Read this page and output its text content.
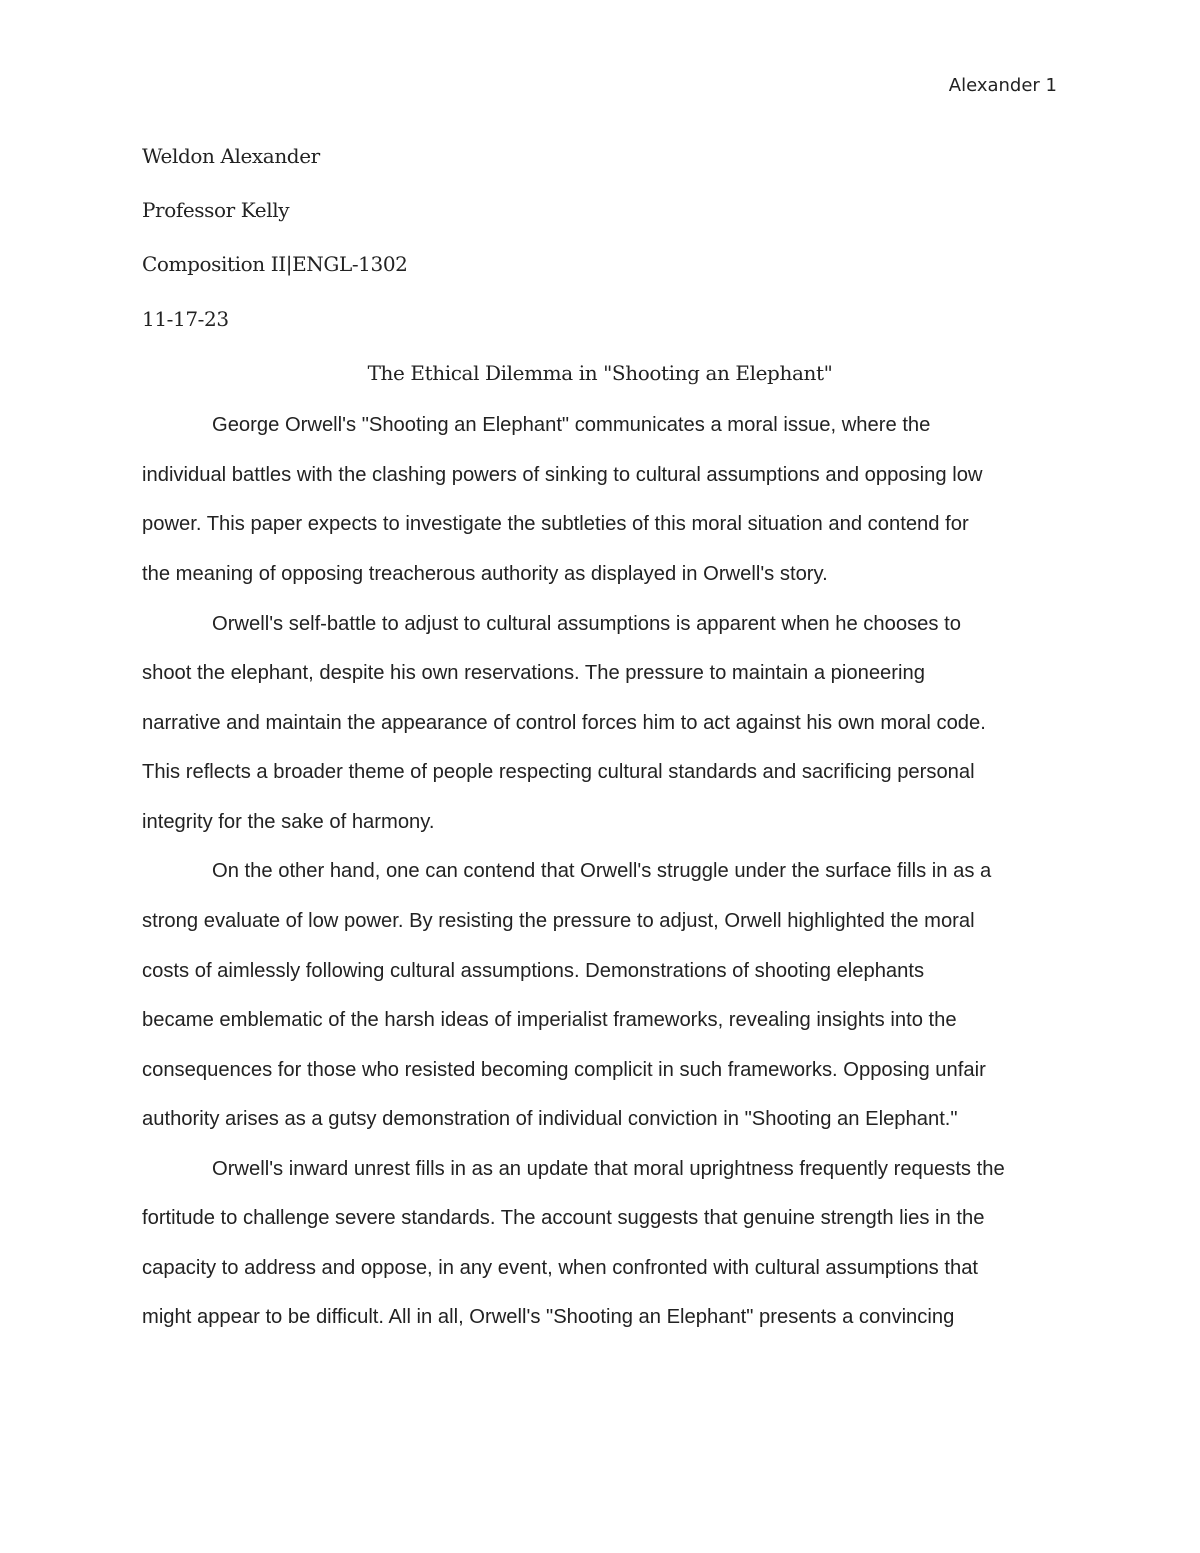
Alexander 1
Weldon Alexander
Professor Kelly
Composition II|ENGL-1302
11-17-23
The Ethical Dilemma in "Shooting an Elephant"
George Orwell's "Shooting an Elephant" communicates a moral issue, where the
individual battles with the clashing powers of sinking to cultural assumptions and opposing low
power. This paper expects to investigate the subtleties of this moral situation and contend for
the meaning of opposing treacherous authority as displayed in Orwell's story.
Orwell's self-battle to adjust to cultural assumptions is apparent when he chooses to
shoot the elephant, despite his own reservations. The pressure to maintain a pioneering
narrative and maintain the appearance of control forces him to act against his own moral code.
This reflects a broader theme of people respecting cultural standards and sacrificing personal
integrity for the sake of harmony.
On the other hand, one can contend that Orwell's struggle under the surface fills in as a
strong evaluate of low power. By resisting the pressure to adjust, Orwell highlighted the moral
costs of aimlessly following cultural assumptions. Demonstrations of shooting elephants
became emblematic of the harsh ideas of imperialist frameworks, revealing insights into the
consequences for those who resisted becoming complicit in such frameworks. Opposing unfair
authority arises as a gutsy demonstration of individual conviction in "Shooting an Elephant."
Orwell's inward unrest fills in as an update that moral uprightness frequently requests the
fortitude to challenge severe standards. The account suggests that genuine strength lies in the
capacity to address and oppose, in any event, when confronted with cultural assumptions that
might appear to be difficult. All in all, Orwell's "Shooting an Elephant" presents a convincing
